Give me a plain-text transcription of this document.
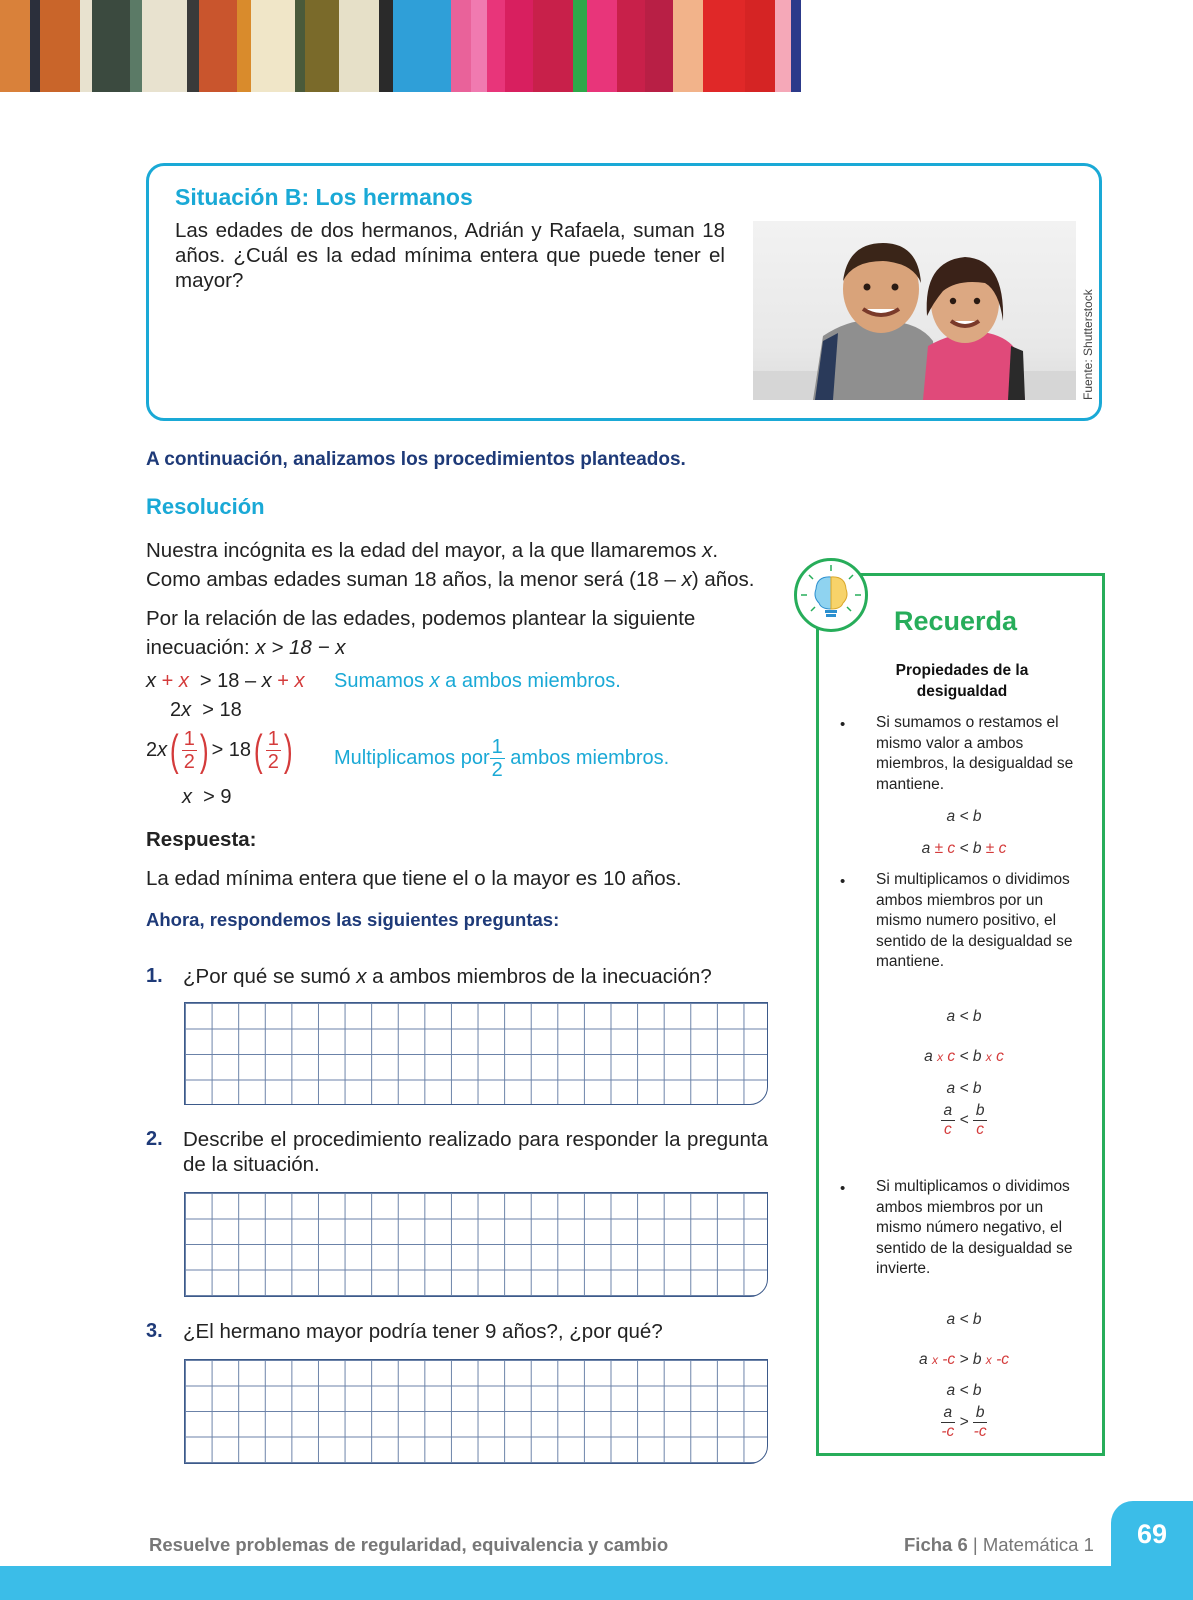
Situación B: Los hermanos
Las edades de dos hermanos, Adrián y Rafaela, suman 18 años. ¿Cuál es la edad mínima entera que puede tener el mayor?
Fuente: Shutterstock
A continuación, analizamos los procedimientos planteados.
Resolución
Nuestra incógnita es la edad del mayor, a la que llamaremos x.
Como ambas edades suman 18 años, la menor será (18 – x) años.
Por la relación de las edades, podemos plantear la siguiente
inecuación: x > 18 − x
x + x  > 18 – x + x Sumamos x a ambos miembros.
2x  > 18
$2x( \frac{1}{2}$ ) > $18( \frac{1}{2}$ ) Multiplicamos por $\frac{1}{2}$ ambos miembros.
x  > 9
Respuesta:
La edad mínima entera que tiene el o la mayor es 10 años.
Ahora, respondemos las siguientes preguntas:
1. ¿Por qué se sumó x a ambos miembros de la inecuación?
2. Describe el procedimiento realizado para responder la pregunta de la situación.
3. ¿El hermano mayor podría tener 9 años?, ¿por qué?
Recuerda
Propiedades de la desigualdad
• Si sumamos o restamos el mismo valor a ambos miembros, la desigualdad se mantiene.
a < b
a ± c < b ± c
• Si multiplicamos o dividimos ambos miembros por un mismo numero positivo, el sentido de la desigualdad se mantiene.
a < b
a x c < b x c
a < b
$\frac{a}{c} < \frac{b}{c}$
• Si multiplicamos o dividimos ambos miembros por un mismo número negativo, el sentido de la desigualdad se invierte.
a < b
a x -c > b x -c
a < b
$\frac{a}{-c} > \frac{b}{-c}$
Resuelve problemas de regularidad, equivalencia y cambio	Ficha 6 | Matemática 1	69
